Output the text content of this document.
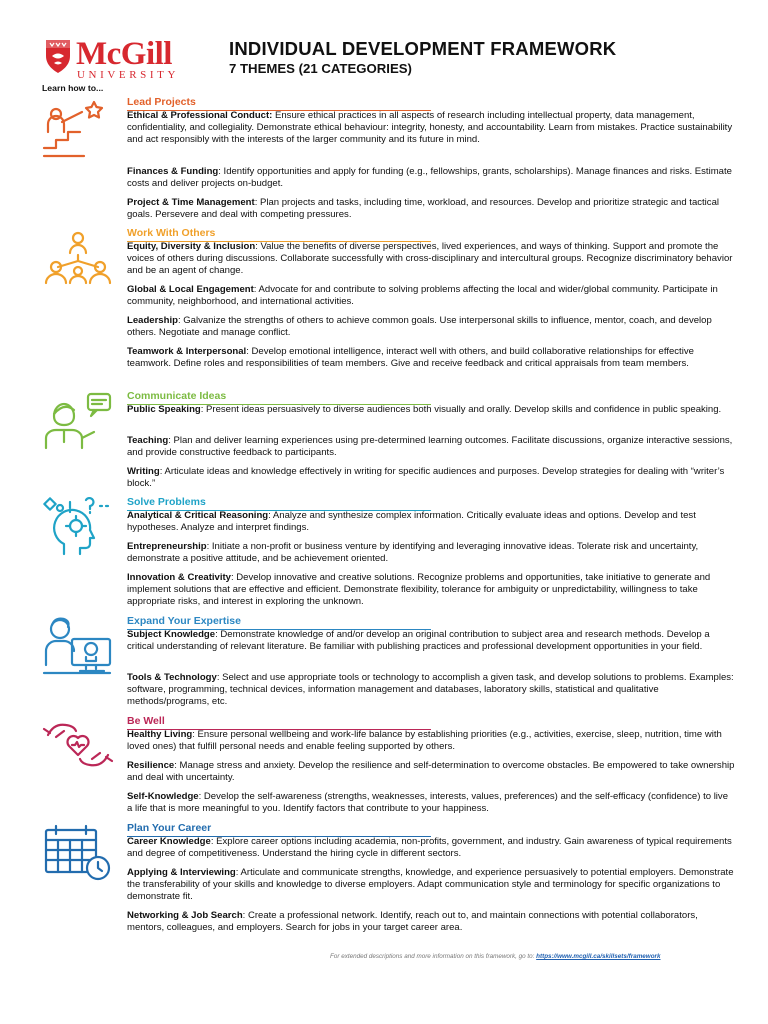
McGill
UNIVERSITY
INDIVIDUAL DEVELOPMENT FRAMEWORK
7 THEMES (21 CATEGORIES)
Learn how to...
Lead Projects
Ethical & Professional Conduct: Ensure ethical practices in all aspects of research including intellectual property, data management, confidentiality, and collegiality. Demonstrate ethical behaviour: integrity, honesty, and accountability. Learn from mistakes. Practice sustainability and act responsibly with the interests of the larger community and its future in mind.
Finances & Funding: Identify opportunities and apply for funding (e.g., fellowships, grants, scholarships). Manage finances and risks. Estimate costs and deliver projects on-budget.
Project & Time Management: Plan projects and tasks, including time, workload, and resources. Develop and prioritize strategic and tactical goals. Persevere and deal with competing pressures.
Work With Others
Equity, Diversity & Inclusion: Value the benefits of diverse perspectives, lived experiences, and ways of thinking. Support and promote the voices of others during discussions. Collaborate successfully with cross-disciplinary and intercultural groups. Recognize discriminatory behavior and be an agent of change.
Global & Local Engagement: Advocate for and contribute to solving problems affecting the local and wider/global community. Participate in community, neighborhood, and international activities.
Leadership: Galvanize the strengths of others to achieve common goals. Use interpersonal skills to influence, mentor, coach, and develop others. Negotiate and manage conflict.
Teamwork & Interpersonal: Develop emotional intelligence, interact well with others, and build collaborative relationships for effective teamwork. Define roles and responsibilities of team members. Give and receive feedback and critical appraisals from team members.
Communicate Ideas
Public Speaking: Present ideas persuasively to diverse audiences both visually and orally. Develop skills and confidence in public speaking.
Teaching: Plan and deliver learning experiences using pre-determined learning outcomes. Facilitate discussions, organize interactive sessions, and provide constructive feedback to participants.
Writing: Articulate ideas and knowledge effectively in writing for specific audiences and purposes. Develop strategies for dealing with “writer’s block.”
Solve Problems
Analytical & Critical Reasoning: Analyze and synthesize complex information. Critically evaluate ideas and options. Develop and test hypotheses. Analyze and interpret findings.
Entrepreneurship: Initiate a non-profit or business venture by identifying and leveraging innovative ideas. Tolerate risk and uncertainty, demonstrate a positive attitude, and be achievement oriented.
Innovation & Creativity: Develop innovative and creative solutions. Recognize problems and opportunities, take initiative to generate and implement solutions that are effective and efficient. Demonstrate flexibility, tolerance for ambiguity or unpredictability, willingness to take appropriate risks, and interest in exploring the unknown.
Expand Your Expertise
Subject Knowledge: Demonstrate knowledge of and/or develop an original contribution to subject area and research methods. Develop a critical understanding of relevant literature. Be familiar with publishing practices and professional development opportunities in your field.
Tools & Technology: Select and use appropriate tools or technology to accomplish a given task, and develop solutions to problems. Examples: software, programming, technical devices, information management and databases, laboratory skills, statistical and qualitative methods/programs, etc.
Be Well
Healthy Living: Ensure personal wellbeing and work-life balance by establishing priorities (e.g., activities, exercise, sleep, nutrition, time with loved ones) that fulfill personal needs and enable feeling supported by others.
Resilience: Manage stress and anxiety. Develop the resilience and self-determination to overcome obstacles. Be empowered to take ownership and deal with uncertainty.
Self-Knowledge: Develop the self-awareness (strengths, weaknesses, interests, values, preferences) and the self-efficacy (confidence) to live a life that is more meaningful to you. Identify factors that contribute to your happiness.
Plan Your Career
Career Knowledge: Explore career options including academia, non-profits, government, and industry. Gain awareness of typical requirements and degree of competitiveness. Understand the hiring cycle in different sectors.
Applying & Interviewing: Articulate and communicate strengths, knowledge, and experience persuasively to potential employers. Demonstrate the transferability of your skills and knowledge to diverse employers. Adapt communication style and terminology for specific organizations to demonstrate fit.
Networking & Job Search: Create a professional network. Identify, reach out to, and maintain connections with potential collaborators, mentors, colleagues, and employers. Search for jobs in your target career area.
For extended descriptions and more information on this framework, go to: https://www.mcgill.ca/skillsets/framework
